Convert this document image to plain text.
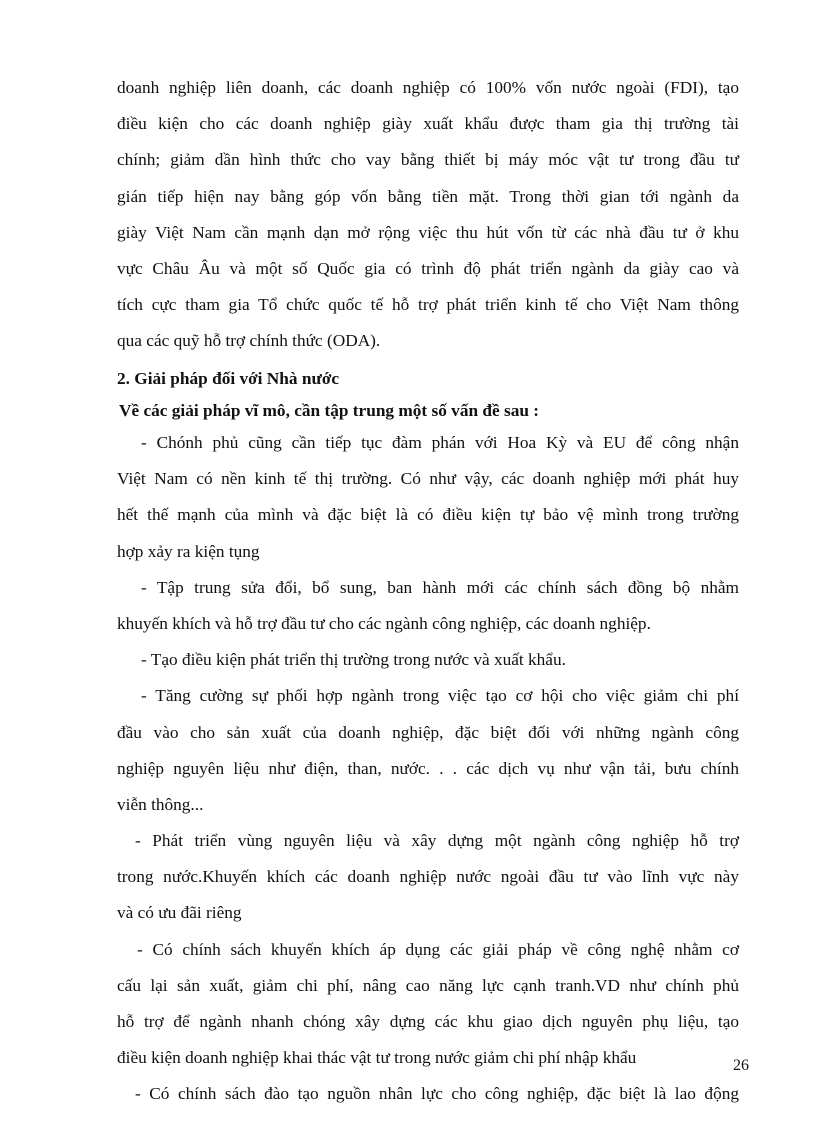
doanh nghiệp liên doanh, các doanh nghiệp có 100% vốn nước ngoài (FDI), tạo
điều kiện cho các doanh nghiệp giày xuất khẩu được tham gia thị trường tài
chính; giảm dần hình thức cho vay bằng thiết bị máy móc vật tư trong đầu tư
gián tiếp hiện nay bằng góp vốn bằng tiền mặt. Trong thời gian tới ngành da
giày Việt Nam cần mạnh dạn mở rộng việc thu hút vốn từ các nhà đầu tư ở khu
vực Châu Âu và một số Quốc gia có trình độ phát triển ngành da giày cao và
tích cực tham gia Tổ chức quốc tế hỗ trợ phát triển kinh tế cho Việt Nam thông
qua các quỹ hỗ trợ chính thức (ODA).
2. Giải pháp đối với Nhà nước
Về các giải pháp vĩ mô, cần tập trung một số vấn đề sau :
- Chónh phủ cũng cần tiếp tục đàm phán với Hoa Kỳ và EU để công nhận
Việt Nam có nền kinh tế thị trường. Có như vậy, các doanh nghiệp mới phát huy
hết thế mạnh của mình và đặc biệt là có điều kiện tự bảo vệ mình trong trường
hợp xảy ra kiện tụng
- Tập trung sửa đổi, bổ sung, ban hành mới các chính sách đồng bộ nhằm
khuyến khích và hỗ trợ đầu tư cho các ngành công nghiệp, các doanh nghiệp.
- Tạo điều kiện phát triển thị trường trong nước và xuất khẩu.
- Tăng cường sự phối hợp ngành trong việc tạo cơ hội cho việc giảm chi phí
đầu vào cho sản xuất của doanh nghiệp, đặc biệt đối với những ngành công
nghiệp nguyên liệu như điện, than, nước. . . các dịch vụ như vận tải, bưu chính
viễn thông...
- Phát triển vùng nguyên liệu và xây dựng một ngành công nghiệp hỗ trợ
trong nước.Khuyến khích các doanh nghiệp nước ngoài đầu tư vào lĩnh vực này
và có ưu đãi riêng
- Có chính sách khuyến khích áp dụng các giải pháp về công nghệ nhằm cơ
cấu lại sản xuất, giảm chi phí, nâng cao năng lực cạnh tranh.VD như chính phủ
hỗ trợ để ngành nhanh chóng xây dựng các khu giao dịch nguyên phụ liệu, tạo
điều kiện doanh nghiệp khai thác vật tư trong nước giảm chi phí nhập khẩu
- Có chính sách đào tạo nguồn nhân lực cho công nghiệp, đặc biệt là lao động
26
